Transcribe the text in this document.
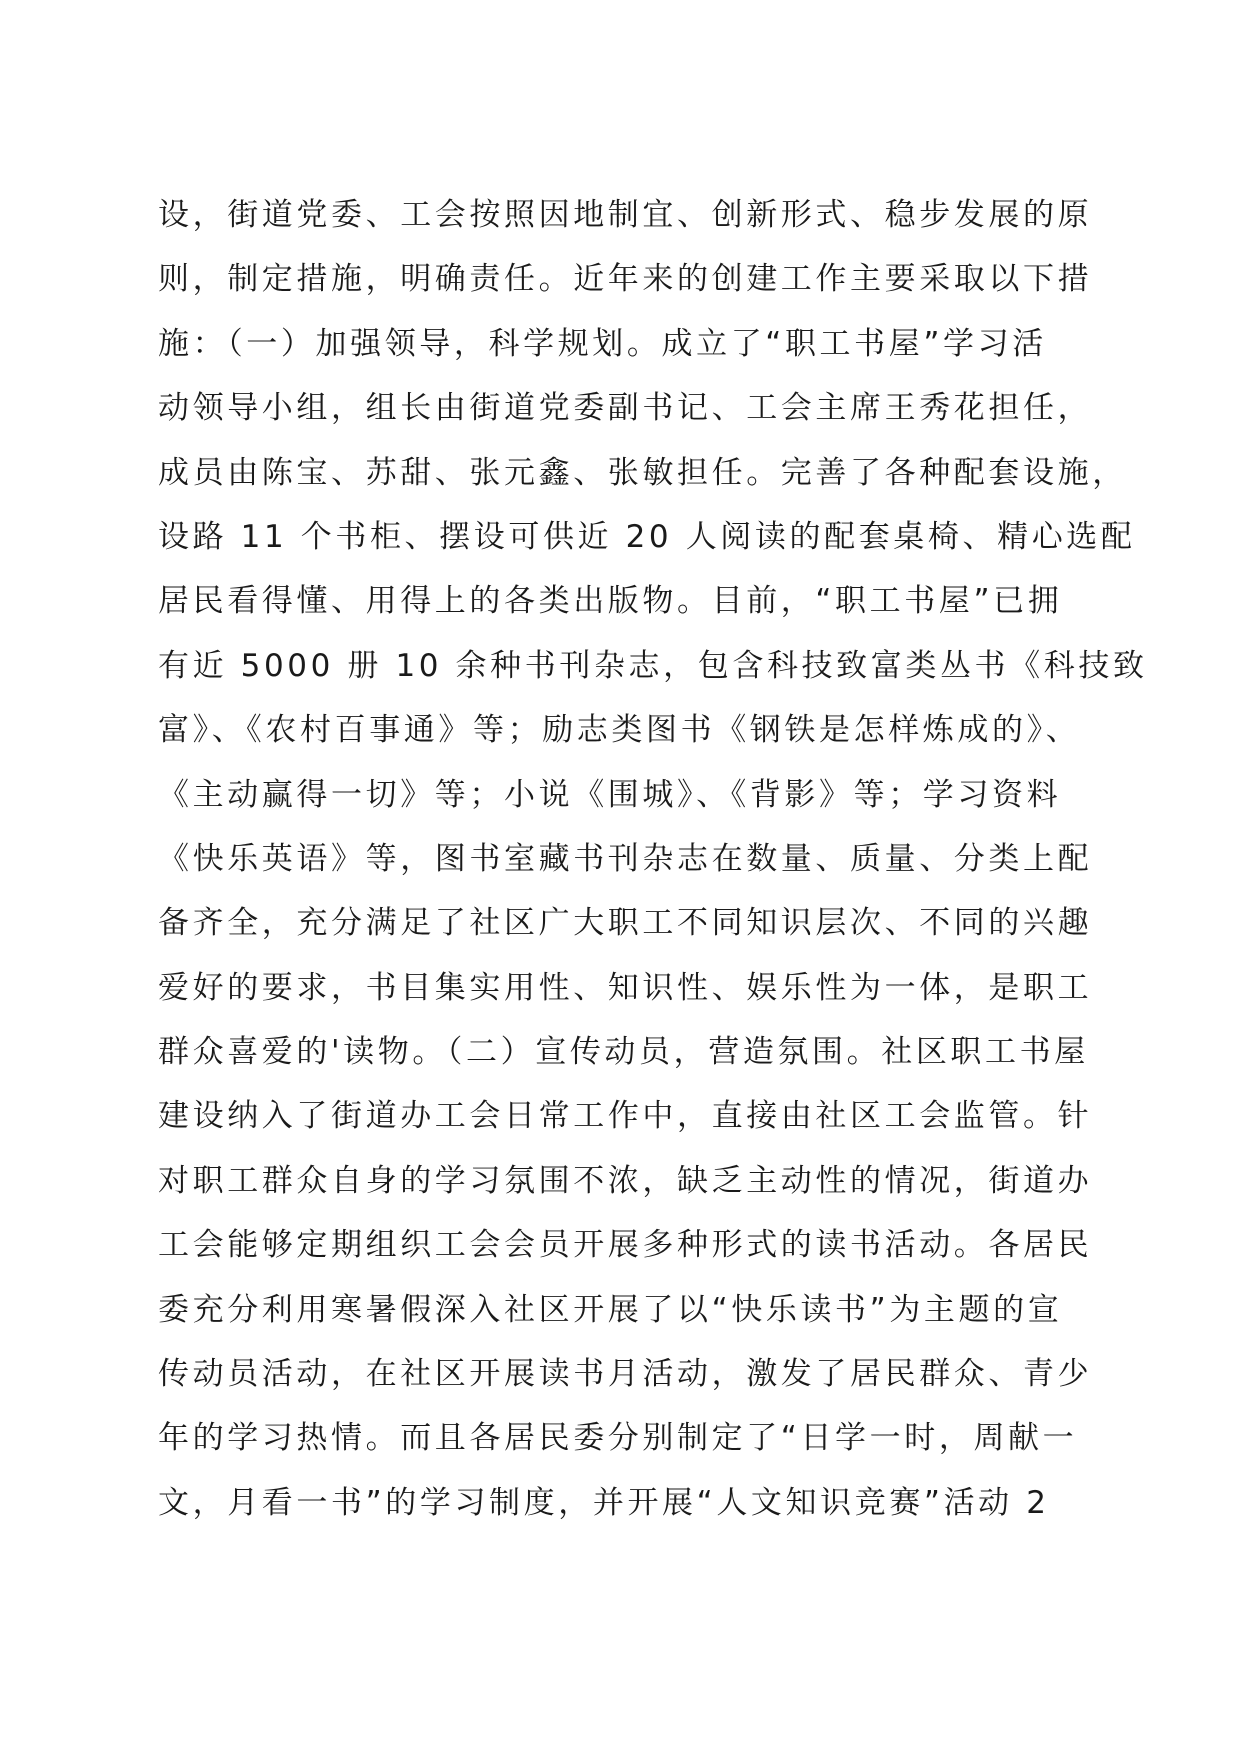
设，街道党委、工会按照因地制宜、创新形式、稳步发展的原
则，制定措施，明确责任。近年来的创建工作主要采取以下措
施：（一）加强领导，科学规划。成立了“职工书屋”学习活
动领导小组，组长由街道党委副书记、工会主席王秀花担任，
成员由陈宝、苏甜、张元鑫、张敏担任。完善了各种配套设施，
设路 11 个书柜、摆设可供近 20 人阅读的配套桌椅、精心选配
居民看得懂、用得上的各类出版物。目前，“职工书屋”已拥
有近 5000 册 10 余种书刊杂志，包含科技致富类丛书《科技致
富》、《农村百事通》等；励志类图书《钢铁是怎样炼成的》、
《主动赢得一切》等；小说《围城》、《背影》等；学习资料
《快乐英语》等，图书室藏书刊杂志在数量、质量、分类上配
备齐全，充分满足了社区广大职工不同知识层次、不同的兴趣
爱好的要求，书目集实用性、知识性、娱乐性为一体，是职工
群众喜爱的'读物。（二）宣传动员，营造氛围。社区职工书屋
建设纳入了街道办工会日常工作中，直接由社区工会监管。针
对职工群众自身的学习氛围不浓，缺乏主动性的情况，街道办
工会能够定期组织工会会员开展多种形式的读书活动。各居民
委充分利用寒暑假深入社区开展了以“快乐读书”为主题的宣
传动员活动，在社区开展读书月活动，激发了居民群众、青少
年的学习热情。而且各居民委分别制定了“日学一时，周献一
文，月看一书”的学习制度，并开展“人文知识竞赛”活动 2
